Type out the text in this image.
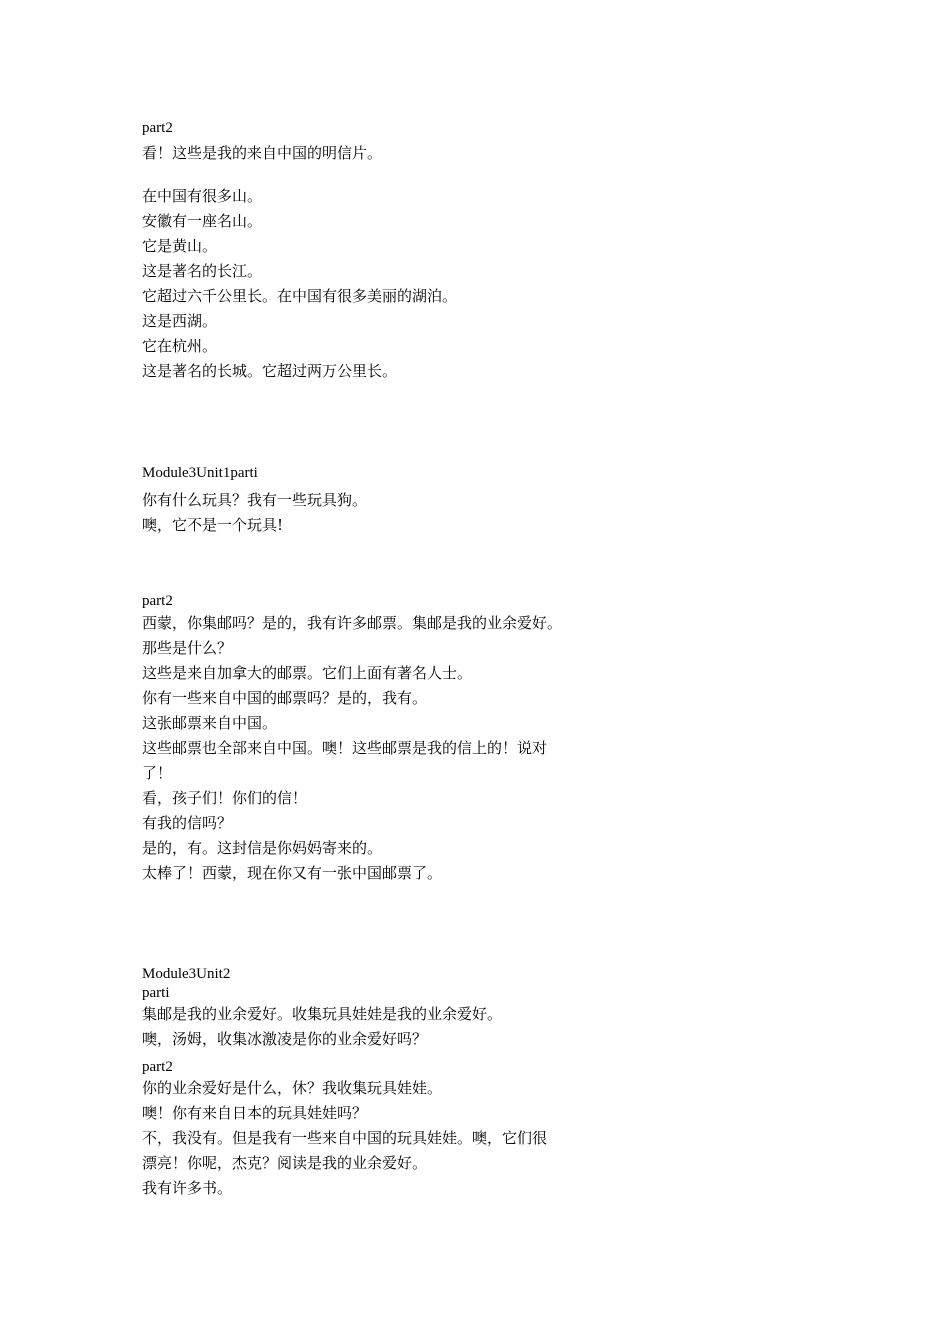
part2
看！这些是我的来自中国的明信片。
在中国有很多山。
安徽有一座名山。
它是黄山。
这是著名的长江。
它超过六千公里长。在中国有很多美丽的湖泊。
这是西湖。
它在杭州。
这是著名的长城。它超过两万公里长。
Module3Unit1parti
你有什么玩具？我有一些玩具狗。
噢，它不是一个玩具!
part2
西蒙，你集邮吗？是的，我有许多邮票。集邮是我的业余爱好。
那些是什么？
这些是来自加拿大的邮票。它们上面有著名人士。
你有一些来自中国的邮票吗？是的，我有。
这张邮票来自中国。
这些邮票也全部来自中国。噢！这些邮票是我的信上的！说对
了！
看，孩子们！你们的信！
有我的信吗？
是的，有。这封信是你妈妈寄来的。
太棒了！西蒙，现在你又有一张中国邮票了。
Module3Unit2
parti
集邮是我的业余爱好。收集玩具娃娃是我的业余爱好。
噢，汤姆，收集冰激凌是你的业余爱好吗？
part2
你的业余爱好是什么，休？我收集玩具娃娃。
噢！你有来自日本的玩具娃娃吗？
不，我没有。但是我有一些来自中国的玩具娃娃。噢，它们很
漂亮！你呢，杰克？阅读是我的业余爱好。
我有许多书。
